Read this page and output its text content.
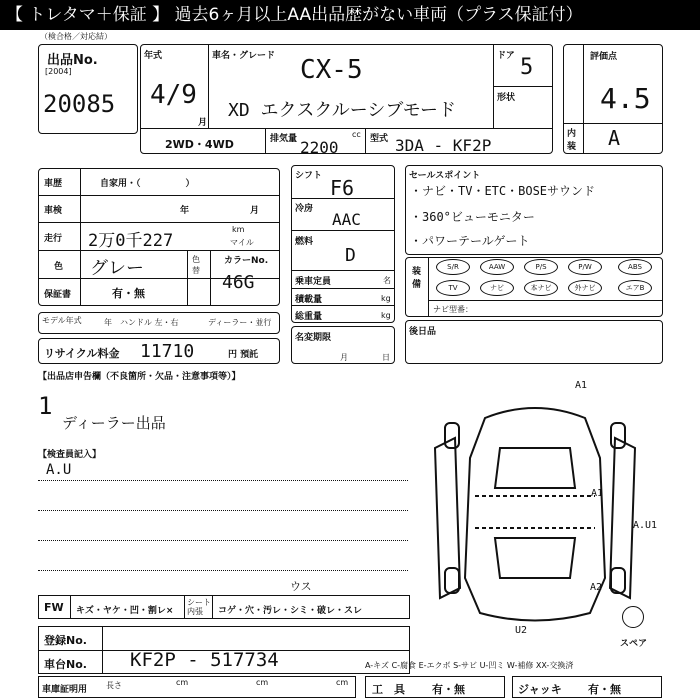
【 トレタマ＋保証 】 過去6ヶ月以上AA出品歴がない車両（プラス保証付）
（検合格／対応結）
出品No.
[2004]
20085
年式
4/9
月
車名・グレード CX-5
XD エクスクルーシブモード
ドア 5
形状
2WD・4WD	排気量 2200
cc 型式 3DA - KF2P
評価点
4.5
内装 A
車歴	自家用・（　　　　　）
車検	年	月
走行 2万0千227
km
マイル
色 グレー	色替
カラーNo.
46G
保証書	有・無
モデル年式	年 ハンドル 左・右	ディーラー・並行
リサイクル料金 11710	円 預託
シフト F6
冷房
AAC
燃料
D
乗車定員	名
積載量	kg
総重量	kg
名変期限
月	日
セールスポイント
・ナビ・TV・ETC・BOSEサウンド
・360°ビューモニター
・パワーテールゲート
装備
S/R	AAW	P/S	P/W	ABS
TV	ナビ	本ナビ	外ナビ	エアB
ナビ型番：
後日品
【出品店申告欄（不良箇所・欠品・注意事項等）】
1
ディーラー出品
【検査員記入】
A.U
A1
A1
A.U1
A2
U2
FW キズ・ヤケ・凹・割レ×
シート内張	コゲ・穴・汚レ・シミ・破レ・スレ
ウス
スペア
登録No.
車台No. KF2P - 517734	A-キズ C-腐食 E-エクボ S-サビ U-凹ミ W-補修 XX-交換済
車庫証明用 長さ	cm	cm	cm
工　具 有・無	ジャッキ 有・無
